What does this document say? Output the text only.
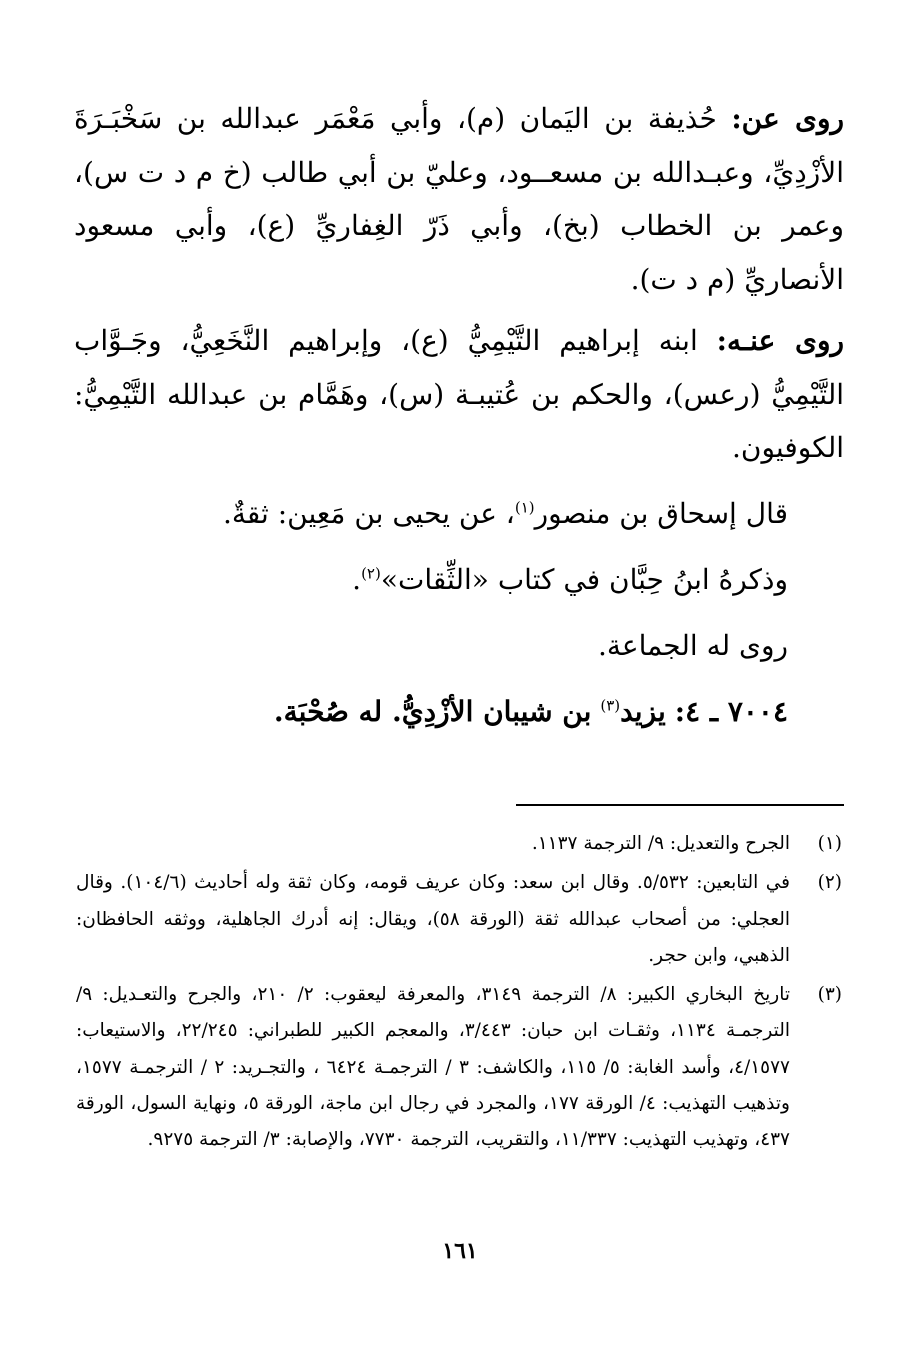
روى عن: حُذيفة بن اليَمان (م)، وأبي مَعْمَر عبدالله بن سَخْبَـرَةَ الأزْدِيِّ، وعبـدالله بن مسعــود، وعليّ بن أبي طالب (خ م د ت س)، وعمر بن الخطاب (بخ)، وأبي ذَرّ الغِفاريِّ (ع)، وأبي مسعود الأنصاريِّ (م د ت).

روى عنـه: ابنه إبراهيم التَّيْمِيُّ (ع)، وإبراهيم النَّخَعِيُّ، وجَـوَّاب التَّيْمِيُّ (رعس)، والحكم بن عُتيبـة (س)، وهَمَّام بن عبدالله التَّيْمِيُّ: الكوفيون.

قال إسحاق بن منصور$^{(١)}$، عن يحيى بن مَعِين: ثقةٌ.

وذكرهُ ابنُ حِبَّان في كتاب «الثِّقات»$^{(٢)}$.

روى له الجماعة.

٧٠٠٤ ـ ٤: يزيد$^{(٣)}$ بن شيبان الأزْدِيُّ. له صُحْبَة.

(١)
الجرح والتعديل: ٩/ الترجمة ١١٣٧.

(٢)
في التابعين: ٥/٥٣٢. وقال ابن سعد: وكان عريف قومه، وكان ثقة وله أحاديث (١٠٤/٦). وقال العجلي: من أصحاب عبدالله ثقة (الورقة ٥٨)، ويقال: إنه أدرك الجاهلية، ووثقه الحافظان: الذهبي، وابن حجر.

(٣)
تاريخ البخاري الكبير: ٨/ الترجمة ٣١٤٩، والمعرفة ليعقوب: ٢/ ٢١٠، والجرح والتعـديل: ٩/ الترجمـة ١١٣٤، وثقـات ابن حبان: ٣/٤٤٣، والمعجم الكبير للطبراني: ٢٢/٢٤٥، والاستيعاب: ٤/١٥٧٧، وأسد الغابة: ٥/ ١١٥، والكاشف: ٣ / الترجمـة ٦٤٢٤ ، والتجـريد: ٢ / الترجمـة ١٥٧٧، وتذهيب التهذيب: ٤/ الورقة ١٧٧، والمجرد في رجال ابن ماجة، الورقة ٥، ونهاية السول، الورقة ٤٣٧، وتهذيب التهذيب: ١١/٣٣٧، والتقريب، الترجمة ٧٧٣٠، والإصابة: ٣/ الترجمة ٩٢٧٥.

١٦١
